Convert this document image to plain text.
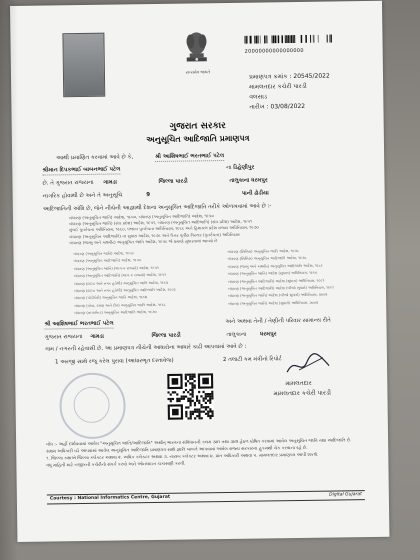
સત્યમેવ જયતે
20000000000000000
પ્રમાણપત્ર ક્રમાંક : 20545/2022
મામલતદાર કચેરી પારડી
વલસાડ
તારીખ : 03/08/2022
ગુજરાત સરકાર
અનુસૂચિત આદિજાતિ પ્રમાણપત્ર
આથી પ્રમાણિત કરવામાં આવે છે કે,	શ્રી આશિષભાઈ ભરતભાઈ પટેલ
શ્રીમાન દિપકભાઈ બાબનભાઈ પટેલ	ના ડિહેણીપુર
છે. તે ગુજરાત રાજ્યના ગામડા	જિલ્લા પારડી	તાલુકાના ધરમપુર
નાગરિક હોવાથી છે અને તે અનુસૂચિ	9	પાની ઢોડીયા
આદિજાતિની અંશિ છે, જેને નીચેની આજ્ઞાથી દેશના અનુસૂચિત આદિજાતિ તરીકે ઓળખવામાં આવે છે :-
બંધારણ (અનુસૂચિત જાતિ) આદેશ, ૧૯૫૦, બંધારણ (અનુસૂચિત આદિજાતિ) આદેશ, ૧૯૫૦
બંધારણ (અનુસૂચિત જાતિ) (સંઘ પ્રદેશ) આદેશ, ૧૯૫૧, બંધારણ (અનુસૂચિત આદિજાતિ) (સંઘ પ્રદેશ) આદેશ, ૧૯૫૧
મુંબઈ પુનર્રચના અધિનિયમ, ૧૯૬૦, પંજાબ પુનર્રચના અધિનિયમ, ૧૯૬૬ અને હિમાચલ પ્રદેશ રાજ્ય અધિનિયમ, ૧૯૭૦
બંધારણ (અનુસૂચિત આદિજાતિ) ના સુધારા આદેશ, ૧૯૭૬ અને ઉત્તર પૂર્વીય વિસ્તાર (પુનર્રચના) અધિનિયમ
બંધારણ (જમ્મુ અને કાશ્મીર) અનુસૂચિત જાતિ આદેશ, ૧૯૫૬ જે પ્રમાણે સુધારવામાં આવ્યો છે
બંધારણ (અનુસૂચિત જાતિ) આદેશ, ૧૯૫૦
બંધારણ (અનુસૂચિત આદિજાતિ) આદેશ, ૧૯૫૦
બંધારણ (અનુસૂચિત જાતિ) (ભાગ-ક રાજ્યો) આદેશ, ૧૯૫૧
બંધારણ (અનુસૂચિત આદિજાતિ) (ભાગ-ક રાજ્યો) આદેશ, ૧૯૫૧
બંધારણ (દાદરા અને નગર હવેલી) અનુસૂચિત જાતિ આદેશ, ૧૯૬૨
બંધારણ (દાદરા અને નગર હવેલી) અનુસૂચિત આદિજાતિ આદેશ, ૧૯૬૨
બંધારણ (પોંડીચેરી) અનુસૂચિત જાતિ આદેશ, ૧૯૬૪
બંધારણ (ગોવા, દમણ અને દીવ) અનુસૂચિત જાતિ આદેશ, ૧૯૬૮
બંધારણ (નાગાલેન્ડ) અનુસૂચિત આદિજાતિ આદેશ, ૧૯૭૦
બંધારણ (સિક્કિમ) અનુસૂચિત જાતિ આદેશ, ૧૯૭૮
બંધારણ (સિક્કિમ) અનુસૂચિત આદિજાતિ આદેશ, ૧૯૭૮
બંધારણ (જમ્મુ અને કાશ્મીર) અનુસૂચિત આદિજાતિ આદેશ, ૧૯૮૯
બંધારણ (અનુસૂચિત જાતિ) આદેશ (સુધારા) અધિનિયમ, ૧૯૯૦
બંધારણ (અનુસૂચિત આદિજાતિ) આદેશ (સુધારા) અધિનિયમ, ૧૯૯૧
બંધારણ (અનુસૂચિત આદિજાતિ) આદેશ (બીજો સુધારો) અધિનિયમ, ૧૯૯૧
બંધારણ (અનુસૂચિત જાતિ) આદેશ (બીજો સુધારો) અધિનિયમ, ૨૦૦૨
બંધારણ (અનુસૂચિત જાતિ) આદેશ (સુધારો) અધિનિયમ, ૨૦૦૨
શ્રી આશિષભાઈ ભરતભાઈ પટેલ	અને અથવા તેની / તેણીની પરિવાર સામાન્ય રીતે
ગુજરાત રાજ્યના ગામડા	જિલ્લા પારડી	તાલુકાના ધરમપુર
ગામ / નગરની રહેવાસી છે. આ પ્રમાણપત્ર નીચેની આધારોના આધારે કાઢી આપવામાં આવે છે :
1 અરજી સાથે રજૂ કરેલ પુરાવા (આધારભૂત દસ્તાવેજ)	2 તલાટી કમ મંત્રીનો રિપોર્ટ
મામલતદાર
મામલતદાર કચેરી પારડી
નોંધ :- અહીં દર્શાવવામાં આવેલ "અનુસૂચિત જાતિ/આદિજાતિ" અર્થાત્ ભારતના સંવિધાનની કલમ ૩૪૧ તથા ૩૪૨ હેઠળ ઘોષિત કરવામાં આવેલ અનુસૂચિત જાતિ તથા આદિજાતિ છે.
સક્ષમ અધિકારી વડે આપવામાં આવેલ અનુસૂચિત આદિજાતિ પ્રમાણપત્ર સાથે જ્ઞાતિ બાબતે આપવામાં આવેલ રાજ્ય સરકારના હુકમથી ચેક કરવાના રહે છે.
૧. જિલ્લા કક્ષાએ જિલ્લા કલેક્ટર અથવા ૨. અધિક કલેક્ટર અથવા ૩. નાયબ કલેક્ટર અથવા ૪. પ્રાંત અધિકારી અથવા ૫. મામલતદાર પ્રમાણપત્ર આપી શકશે.
વધુ માહિતી માટે નજીકની કચેરીનો સંપર્ક કરવો અને ઓનલાઇન ચકાસણી કરવી.
Courtesy : National Informatics Centre, Gujarat	Digital Gujarat
